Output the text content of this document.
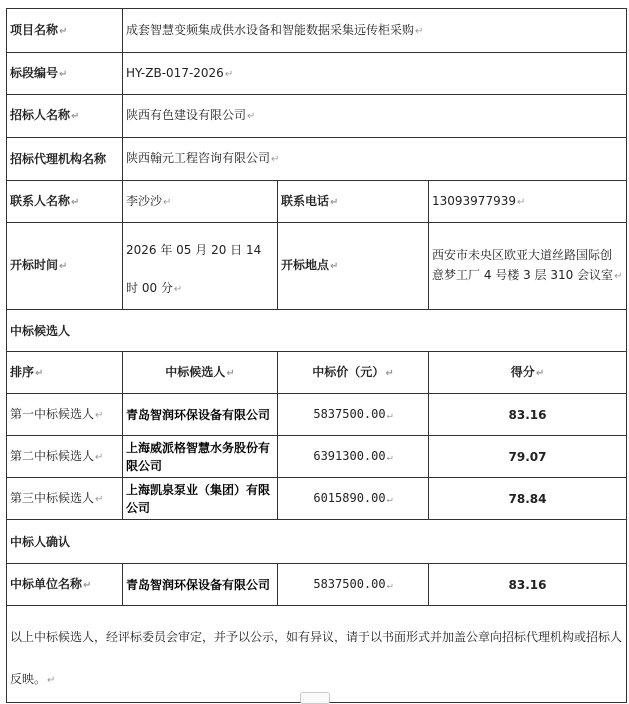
项目名称↵	成套智慧变频集成供水设备和智能数据采集远传柜采购↵		
标段编号↵	HY-ZB-017-2026↵		
招标人名称↵	陕西有色建设有限公司↵		
招标代理机构名称	陕西翰元工程咨询有限公司↵		
联系人名称↵	李沙沙↵	联系电话↵	13093977939↵
开标时间↵	2026 年 05 月 20 日 14 时 00 分↵	开标地点↵	西安市未央区欧亚大道丝路国际创意梦工厂 4 号楼 3 层 310 会议室↵
中标候选人			
排序↵	中标候选人↵	中标价（元）↵	得分↵
第一中标候选人↵	青岛智润环保设备有限公司	5837500.00↵	83.16
第二中标候选人↵	上海威派格智慧水务股份有限公司	6391300.00↵	79.07
第三中标候选人↵	上海凯泉泵业（集团）有限公司	6015890.00↵	78.84
中标人确认			
中标单位名称↵	青岛智润环保设备有限公司	5837500.00↵	83.16
以上中标候选人，经评标委员会审定，并予以公示，如有异议，请于以书面形式并加盖公章向招标代理机构或招标人反映。↵			
